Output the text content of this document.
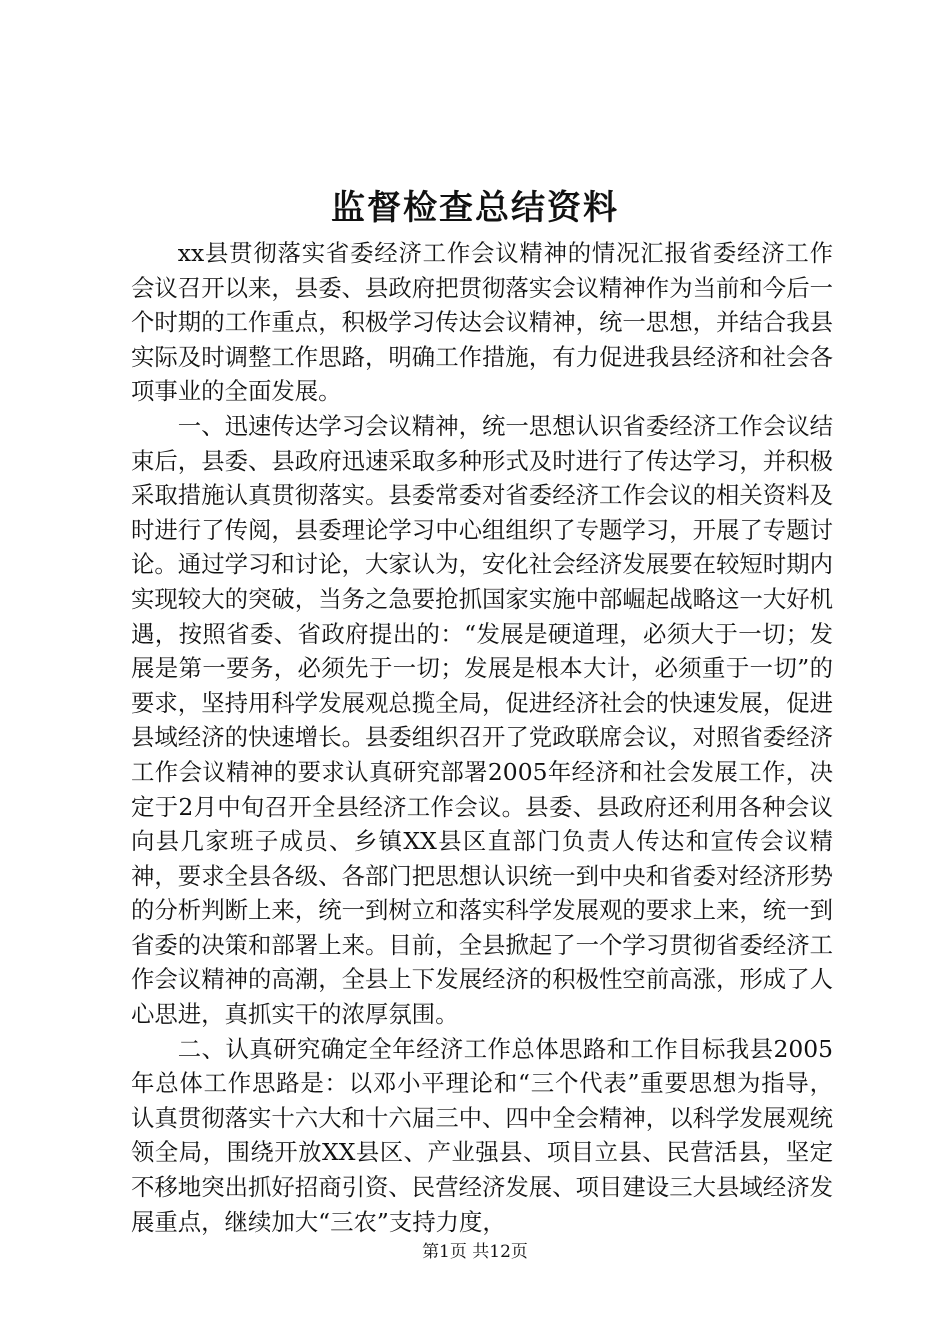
监督检查总结资料

xx县贯彻落实省委经济工作会议精神的情况汇报省委经济工作会议召开以来，县委、县政府把贯彻落实会议精神作为当前和今后一个时期的工作重点，积极学习传达会议精神，统一思想，并结合我县实际及时调整工作思路，明确工作措施，有力促进我县经济和社会各项事业的全面发展。

一、迅速传达学习会议精神，统一思想认识省委经济工作会议结束后，县委、县政府迅速采取多种形式及时进行了传达学习，并积极采取措施认真贯彻落实。县委常委对省委经济工作会议的相关资料及时进行了传阅，县委理论学习中心组组织了专题学习，开展了专题讨论。通过学习和讨论，大家认为，安化社会经济发展要在较短时期内实现较大的突破，当务之急要抢抓国家实施中部崛起战略这一大好机遇，按照省委、省政府提出的：“发展是硬道理，必须大于一切；发展是第一要务，必须先于一切；发展是根本大计，必须重于一切”的要求，坚持用科学发展观总揽全局，促进经济社会的快速发展，促进县域经济的快速增长。县委组织召开了党政联席会议，对照省委经济工作会议精神的要求认真研究部署2005年经济和社会发展工作，决定于2月中旬召开全县经济工作会议。县委、县政府还利用各种会议向县几家班子成员、乡镇XX县区直部门负责人传达和宣传会议精神，要求全县各级、各部门把思想认识统一到中央和省委对经济形势的分析判断上来，统一到树立和落实科学发展观的要求上来，统一到省委的决策和部署上来。目前，全县掀起了一个学习贯彻省委经济工作会议精神的高潮，全县上下发展经济的积极性空前高涨，形成了人心思进，真抓实干的浓厚氛围。

二、认真研究确定全年经济工作总体思路和工作目标我县2005年总体工作思路是：以邓小平理论和“三个代表”重要思想为指导，认真贯彻落实十六大和十六届三中、四中全会精神，以科学发展观统领全局，围绕开放XX县区、产业强县、项目立县、民营活县，坚定不移地突出抓好招商引资、民营经济发展、项目建设三大县域经济发展重点，继续加大“三农”支持力度，

第1页 共12页
